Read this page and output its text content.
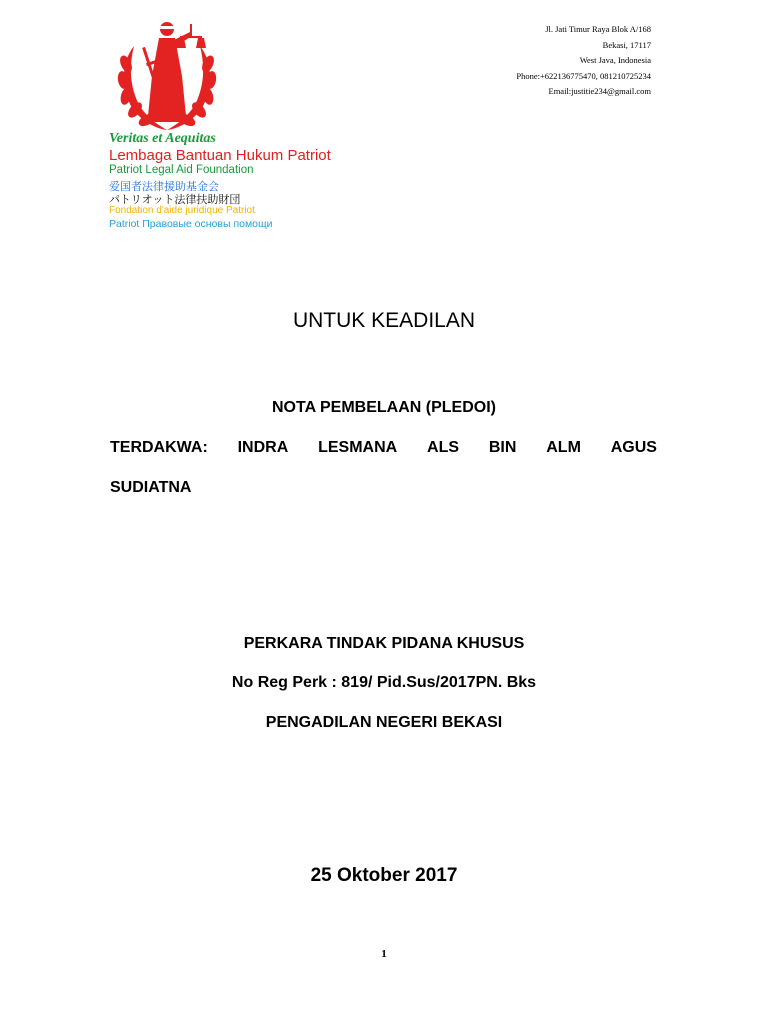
Veritas et Aequitas
Lembaga Bantuan Hukum Patriot
Patriot Legal Aid Foundation
爱国者法律援助基金会
パトリオット法律扶助財団
Fondation d'aide juridique Patriot
Patriot Правовые основы помощи
Jl. Jati Timur Raya Blok A/168
Bekasi, 17117
West Java, Indonesia
Phone:+622136775470, 081210725234
Email:justitie234@gmail.com
UNTUK KEADILAN
NOTA PEMBELAAN (PLEDOI)
TERDAKWA: INDRA LESMANA ALS BIN ALM AGUS
SUDIATNA
PERKARA TINDAK PIDANA KHUSUS
No Reg Perk : 819/ Pid.Sus/2017PN. Bks
PENGADILAN NEGERI BEKASI
25 Oktober 2017
1
